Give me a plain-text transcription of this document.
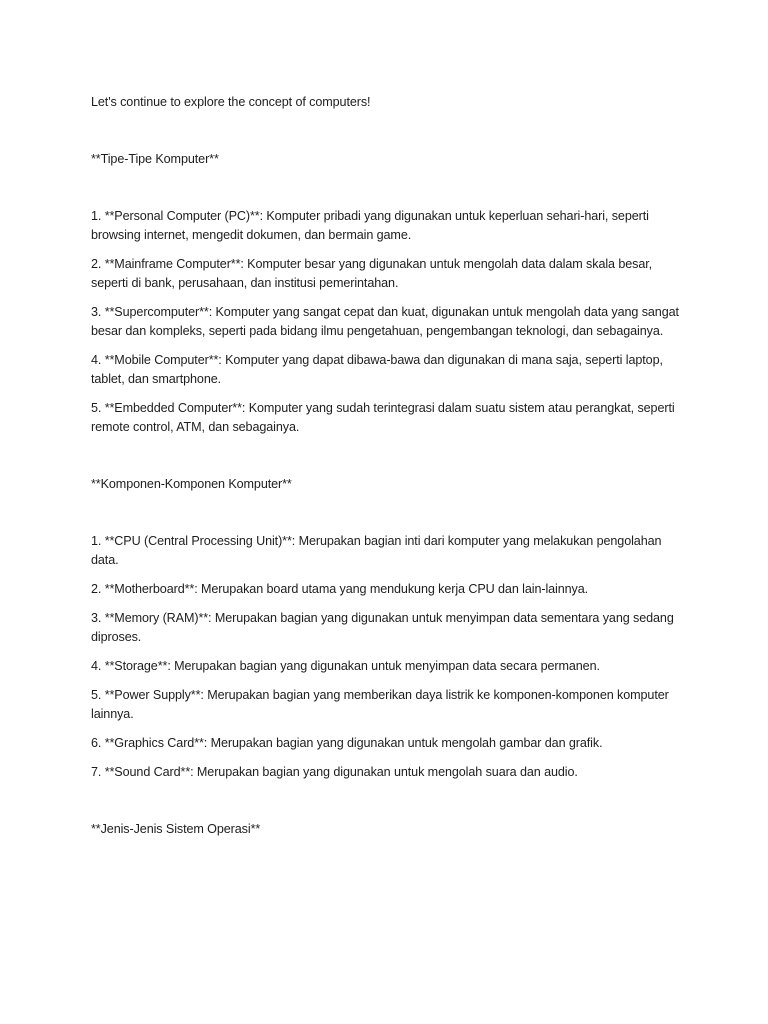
Let's continue to explore the concept of computers!

**Tipe-Tipe Komputer**

1. **Personal Computer (PC)**: Komputer pribadi yang digunakan untuk keperluan sehari-hari, seperti browsing internet, mengedit dokumen, dan bermain game.

2. **Mainframe Computer**: Komputer besar yang digunakan untuk mengolah data dalam skala besar, seperti di bank, perusahaan, dan institusi pemerintahan.

3. **Supercomputer**: Komputer yang sangat cepat dan kuat, digunakan untuk mengolah data yang sangat besar dan kompleks, seperti pada bidang ilmu pengetahuan, pengembangan teknologi, dan sebagainya.

4. **Mobile Computer**: Komputer yang dapat dibawa-bawa dan digunakan di mana saja, seperti laptop, tablet, dan smartphone.

5. **Embedded Computer**: Komputer yang sudah terintegrasi dalam suatu sistem atau perangkat, seperti remote control, ATM, dan sebagainya.

**Komponen-Komponen Komputer**

1. **CPU (Central Processing Unit)**: Merupakan bagian inti dari komputer yang melakukan pengolahan data.

2. **Motherboard**: Merupakan board utama yang mendukung kerja CPU dan lain-lainnya.

3. **Memory (RAM)**: Merupakan bagian yang digunakan untuk menyimpan data sementara yang sedang diproses.

4. **Storage**: Merupakan bagian yang digunakan untuk menyimpan data secara permanen.

5. **Power Supply**: Merupakan bagian yang memberikan daya listrik ke komponen-komponen komputer lainnya.

6. **Graphics Card**: Merupakan bagian yang digunakan untuk mengolah gambar dan grafik.

7. **Sound Card**: Merupakan bagian yang digunakan untuk mengolah suara dan audio.

**Jenis-Jenis Sistem Operasi**
